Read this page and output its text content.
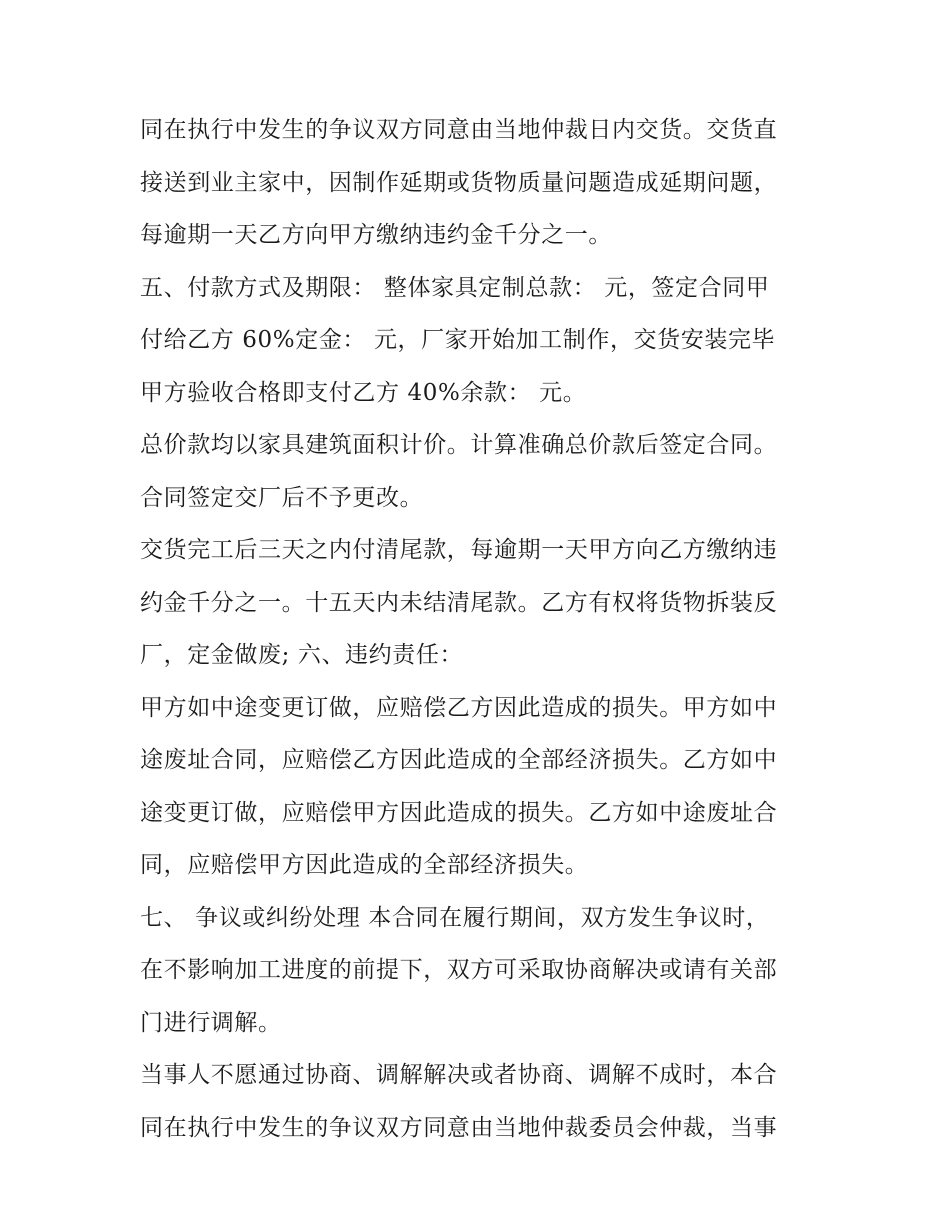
同在执行中发生的争议双方同意由当地仲裁日内交货。交货直
接送到业主家中，因制作延期或货物质量问题造成延期问题，
每逾期一天乙方向甲方缴纳违约金千分之一。
五、付款方式及期限： 整体家具定制总款： 元，签定合同甲
付给乙方 60%定金： 元，厂家开始加工制作，交货安装完毕
甲方验收合格即支付乙方 40%余款： 元。
总价款均以家具建筑面积计价。计算准确总价款后签定合同。
合同签定交厂后不予更改。
交货完工后三天之内付清尾款，每逾期一天甲方向乙方缴纳违
约金千分之一。十五天内未结清尾款。乙方有权将货物拆装反
厂，定金做废; 六、违约责任：
甲方如中途变更订做，应赔偿乙方因此造成的损失。甲方如中
途废址合同，应赔偿乙方因此造成的全部经济损失。乙方如中
途变更订做，应赔偿甲方因此造成的损失。乙方如中途废址合
同，应赔偿甲方因此造成的全部经济损失。
七、 争议或纠纷处理 本合同在履行期间，双方发生争议时，
在不影响加工进度的前提下，双方可采取协商解决或请有关部
门进行调解。
当事人不愿通过协商、调解解决或者协商、调解不成时，本合
同在执行中发生的争议双方同意由当地仲裁委员会仲裁，当事
